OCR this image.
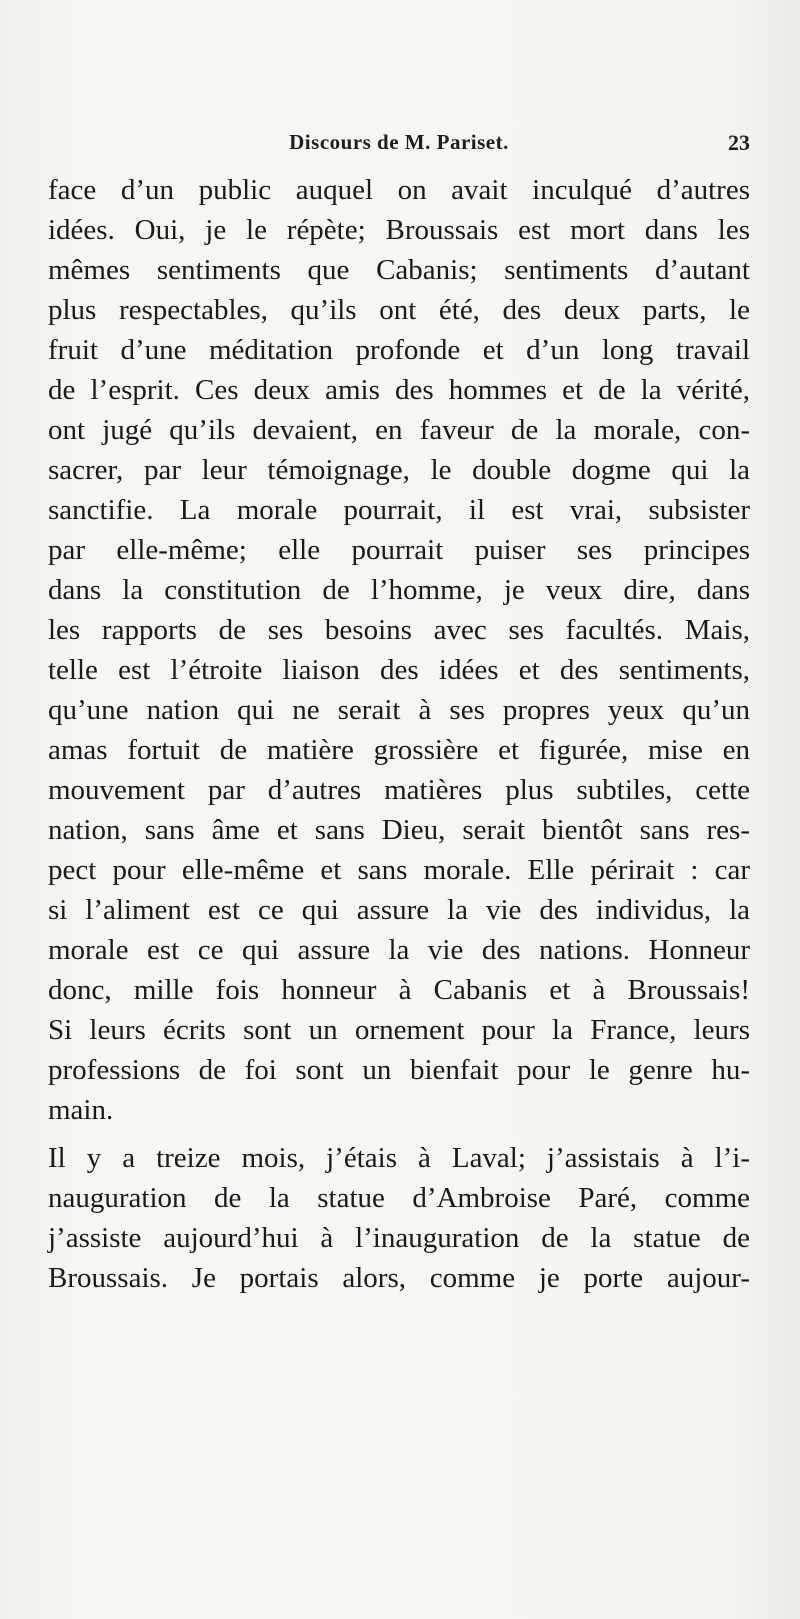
Discours de M. Pariset.	23
face d’un public auquel on avait inculqué d’autres
idées. Oui, je le répète; Broussais est mort dans les
mêmes sentiments que Cabanis; sentiments d’autant
plus respectables, qu’ils ont été, des deux parts, le
fruit d’une méditation profonde et d’un long travail
de l’esprit. Ces deux amis des hommes et de la vérité,
ont jugé qu’ils devaient, en faveur de la morale, con-
sacrer, par leur témoignage, le double dogme qui la
sanctifie. La morale pourrait, il est vrai, subsister
par elle-même; elle pourrait puiser ses principes
dans la constitution de l’homme, je veux dire, dans
les rapports de ses besoins avec ses facultés. Mais,
telle est l’étroite liaison des idées et des sentiments,
qu’une nation qui ne serait à ses propres yeux qu’un
amas fortuit de matière grossière et figurée, mise en
mouvement par d’autres matières plus subtiles, cette
nation, sans âme et sans Dieu, serait bientôt sans res-
pect pour elle-même et sans morale. Elle périrait : car
si l’aliment est ce qui assure la vie des individus, la
morale est ce qui assure la vie des nations. Honneur
donc, mille fois honneur à Cabanis et à Broussais!
Si leurs écrits sont un ornement pour la France, leurs
professions de foi sont un bienfait pour le genre hu-
main.
Il y a treize mois, j’étais à Laval; j’assistais à l’i-
nauguration de la statue d’Ambroise Paré, comme
j’assiste aujourd’hui à l’inauguration de la statue de
Broussais. Je portais alors, comme je porte aujour-
